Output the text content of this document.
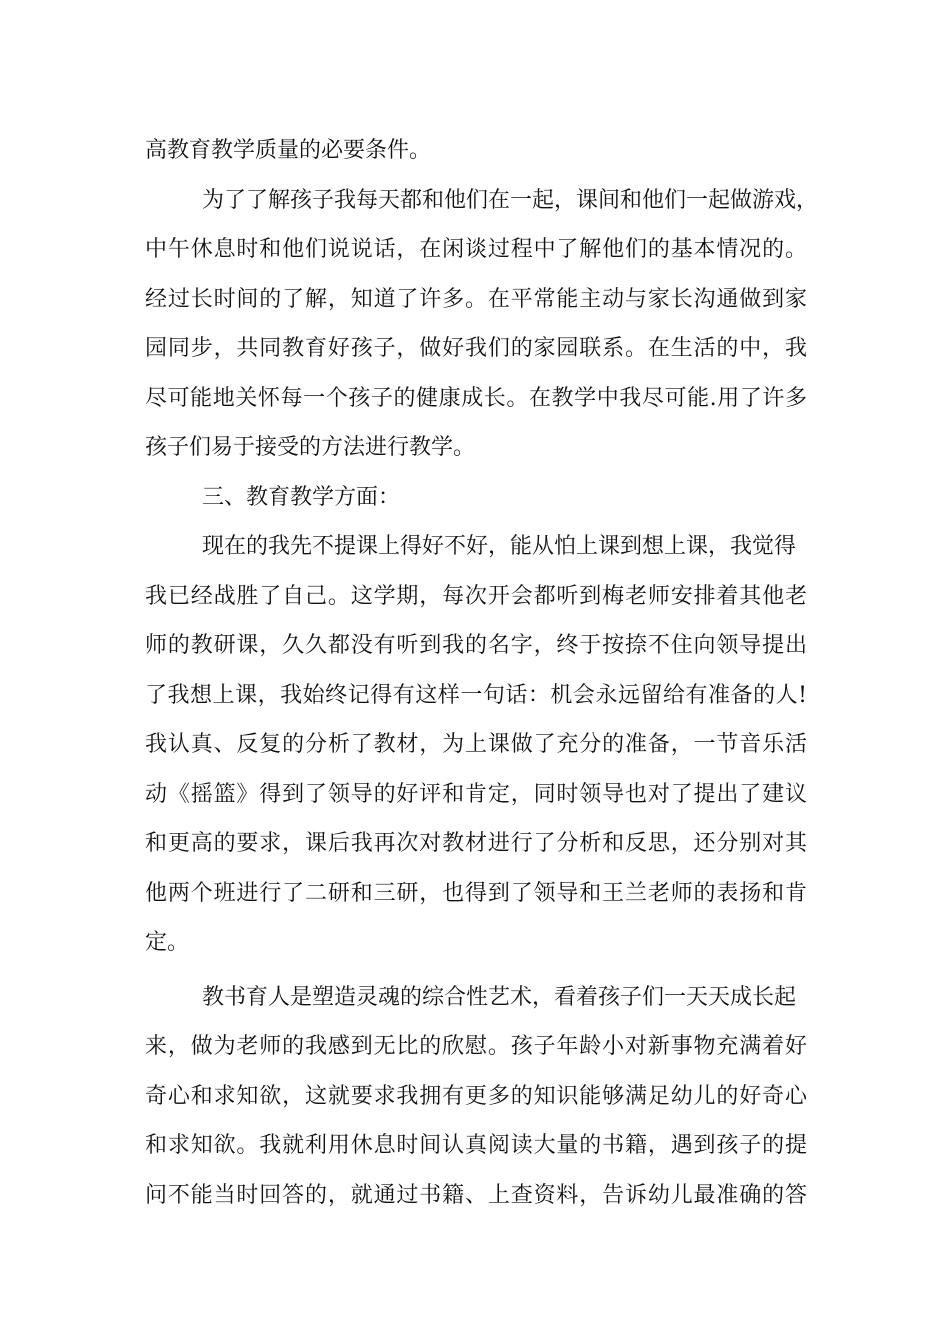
高教育教学质量的必要条件。
为了了解孩子我每天都和他们在一起，课间和他们一起做游戏，
中午休息时和他们说说话，在闲谈过程中了解他们的基本情况的。
经过长时间的了解，知道了许多。在平常能主动与家长沟通做到家
园同步，共同教育好孩子，做好我们的家园联系。在生活的中，我
尽可能地关怀每一个孩子的健康成长。在教学中我尽可能.用了许多
孩子们易于接受的方法进行教学。
三、教育教学方面：
现在的我先不提课上得好不好，能从怕上课到想上课，我觉得
我已经战胜了自己。这学期，每次开会都听到梅老师安排着其他老
师的教研课，久久都没有听到我的名字，终于按捺不住向领导提出
了我想上课，我始终记得有这样一句话：机会永远留给有准备的人!
我认真、反复的分析了教材，为上课做了充分的准备，一节音乐活
动《摇篮》得到了领导的好评和肯定，同时领导也对了提出了建议
和更高的要求，课后我再次对教材进行了分析和反思，还分别对其
他两个班进行了二研和三研，也得到了领导和王兰老师的表扬和肯
定。
教书育人是塑造灵魂的综合性艺术，看着孩子们一天天成长起
来，做为老师的我感到无比的欣慰。孩子年龄小对新事物充满着好
奇心和求知欲，这就要求我拥有更多的知识能够满足幼儿的好奇心
和求知欲。我就利用休息时间认真阅读大量的书籍，遇到孩子的提
问不能当时回答的，就通过书籍、上查资料，告诉幼儿最准确的答
